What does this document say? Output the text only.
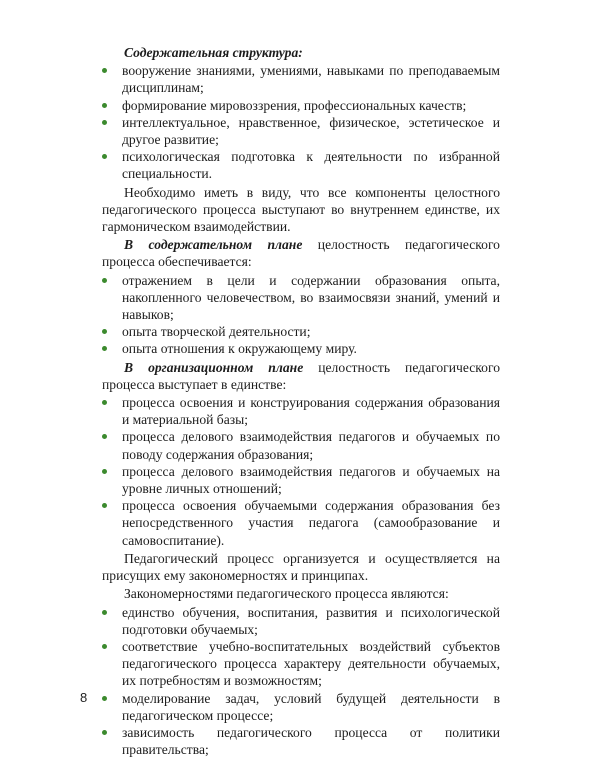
Содержательная структура:

вооружение знаниями, умениями, навыками по преподаваемым дисциплинам;
формирование мировоззрения, профессиональных качеств;
интеллектуальное, нравственное, физическое, эстетическое и другое развитие;
психологическая подготовка к деятельности по избранной специальности.

Необходимо иметь в виду, что все компоненты целостного педагогического процесса выступают во внутреннем единстве, их гармоническом взаимодействии.

В содержательном плане целостность педагогического процесса обеспечивается:

отражением в цели и содержании образования опыта, накопленного человечеством, во взаимосвязи знаний, умений и навыков;
опыта творческой деятельности;
опыта отношения к окружающему миру.

В организационном плане целостность педагогического процесса выступает в единстве:

процесса освоения и конструирования содержания образования и материальной базы;
процесса делового взаимодействия педагогов и обучаемых по поводу содержания образования;
процесса делового взаимодействия педагогов и обучаемых на уровне личных отношений;
процесса освоения обучаемыми содержания образования без непосредственного участия педагога (самообразование и самовоспитание).

Педагогический процесс организуется и осуществляется на присущих ему закономерностях и принципах.

Закономерностями педагогического процесса являются:

единство обучения, воспитания, развития и психологической подготовки обучаемых;
соответствие учебно-воспитательных воздействий субъектов педагогического процесса характеру деятельности обучаемых, их потребностям и возможностям;
моделирование задач, условий будущей деятельности в педагогическом процессе;
зависимость педагогического процесса от политики правительства;
8
